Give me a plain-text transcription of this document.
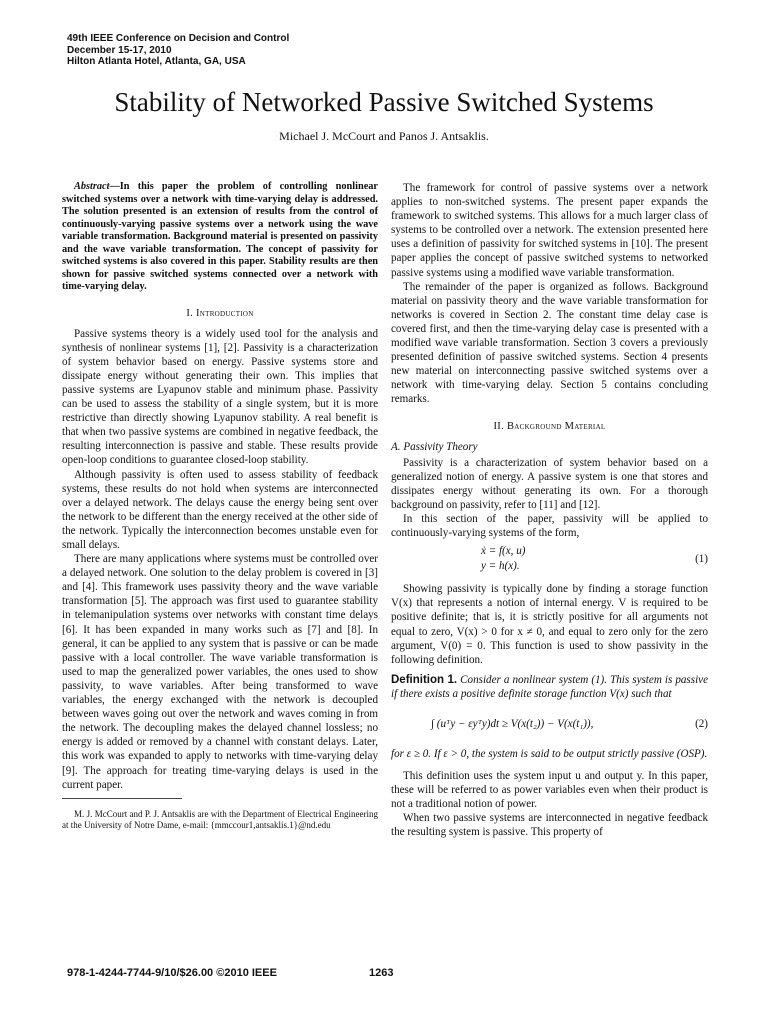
49th IEEE Conference on Decision and Control
December 15-17, 2010
Hilton Atlanta Hotel, Atlanta, GA, USA
Stability of Networked Passive Switched Systems
Michael J. McCourt and Panos J. Antsaklis.

Abstract—In this paper the problem of controlling nonlinear switched systems over a network with time-varying delay is addressed. The solution presented is an extension of results from the control of continuously-varying passive systems over a network using the wave variable transformation. Background material is presented on passivity and the wave variable transformation. The concept of passivity for switched systems is also covered in this paper. Stability results are then shown for passive switched systems connected over a network with time-varying delay.

I. Introduction

Passive systems theory is a widely used tool for the analysis and synthesis of nonlinear systems [1], [2]. Passivity is a characterization of system behavior based on energy. Passive systems store and dissipate energy without generating their own. This implies that passive systems are Lyapunov stable and minimum phase. Passivity can be used to assess the stability of a single system, but it is more restrictive than directly showing Lyapunov stability. A real benefit is that when two passive systems are combined in negative feedback, the resulting interconnection is passive and stable. These results provide open-loop conditions to guarantee closed-loop stability.

Although passivity is often used to assess stability of feedback systems, these results do not hold when systems are interconnected over a delayed network. The delays cause the energy being sent over the network to be different than the energy received at the other side of the network. Typically the interconnection becomes unstable even for small delays.

There are many applications where systems must be controlled over a delayed network. One solution to the delay problem is covered in [3] and [4]. This framework uses passivity theory and the wave variable transformation [5]. The approach was first used to guarantee stability in telemanipulation systems over networks with constant time delays [6]. It has been expanded in many works such as [7] and [8]. In general, it can be applied to any system that is passive or can be made passive with a local controller. The wave variable transformation is used to map the generalized power variables, the ones used to show passivity, to wave variables. After being transformed to wave variables, the energy exchanged with the network is decoupled between waves going out over the network and waves coming in from the network. The decoupling makes the delayed channel lossless; no energy is added or removed by a channel with constant delays. Later, this work was expanded to apply to networks with time-varying delay [9]. The approach for treating time-varying delays is used in the current paper.

M. J. McCourt and P. J. Antsaklis are with the Department of Electrical Engineering at the University of Notre Dame, e-mail: {mmccour1,antsaklis.1}@nd.edu

The framework for control of passive systems over a network applies to non-switched systems. The present paper expands the framework to switched systems. This allows for a much larger class of systems to be controlled over a network. The extension presented here uses a definition of passivity for switched systems in [10]. The present paper applies the concept of passive switched systems to networked passive systems using a modified wave variable transformation.

The remainder of the paper is organized as follows. Background material on passivity theory and the wave variable transformation for networks is covered in Section 2. The constant time delay case is covered first, and then the time-varying delay case is presented with a modified wave variable transformation. Section 3 covers a previously presented definition of passive switched systems. Section 4 presents new material on interconnecting passive switched systems over a network with time-varying delay. Section 5 contains concluding remarks.

II. Background Material
A. Passivity Theory

Passivity is a characterization of system behavior based on a generalized notion of energy. A passive system is one that stores and dissipates energy without generating its own. For a thorough background on passivity, refer to [11] and [12].

In this section of the paper, passivity will be applied to continuously-varying systems of the form,

ẋ = f(x, u)
y = h(x).
(1)

Showing passivity is typically done by finding a storage function V(x) that represents a notion of internal energy. V is required to be positive definite; that is, it is strictly positive for all arguments not equal to zero, V(x) > 0 for x ≠ 0, and equal to zero only for the zero argument, V(0) = 0. This function is used to show passivity in the following definition.

Definition 1. Consider a nonlinear system (1). This system is passive if there exists a positive definite storage function V(x) such that

∫ (uᵀy − εyᵀy)dt ≥ V(x(t₂)) − V(x(t₁)),	(2)

for ε ≥ 0. If ε > 0, the system is said to be output strictly passive (OSP).

This definition uses the system input u and output y. In this paper, these will be referred to as power variables even when their product is not a traditional notion of power.

When two passive systems are interconnected in negative feedback the resulting system is passive. This property of

978-1-4244-7744-9/10/$26.00 ©2010 IEEE	1263
